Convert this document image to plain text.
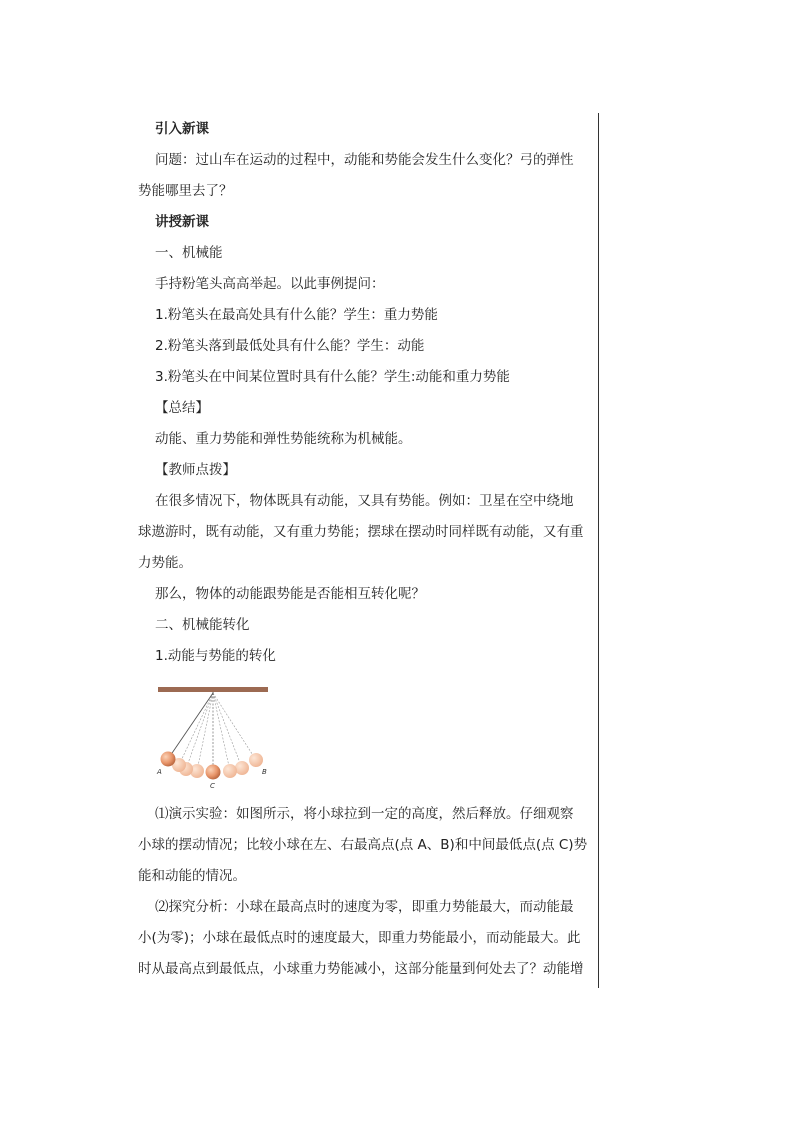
引入新课
问题：过山车在运动的过程中，动能和势能会发生什么变化？弓的弹性
势能哪里去了？
讲授新课
一、机械能
手持粉笔头高高举起。以此事例提问：
1.粉笔头在最高处具有什么能？学生：重力势能
2.粉笔头落到最低处具有什么能？学生：动能
3.粉笔头在中间某位置时具有什么能？学生:动能和重力势能
【总结】
动能、重力势能和弹性势能统称为机械能。
【教师点拨】
在很多情况下，物体既具有动能，又具有势能。例如：卫星在空中绕地
球遨游时，既有动能，又有重力势能；摆球在摆动时同样既有动能，又有重
力势能。
那么，物体的动能跟势能是否能相互转化呢？
二、机械能转化
1.动能与势能的转化
A	B
C
⑴演示实验：如图所示，将小球拉到一定的高度，然后释放。仔细观察
小球的摆动情况；比较小球在左、右最高点(点 A、B)和中间最低点(点 C)势
能和动能的情况。
⑵探究分析：小球在最高点时的速度为零，即重力势能最大，而动能最
小(为零)；小球在最低点时的速度最大，即重力势能最小，而动能最大。此
时从最高点到最低点，小球重力势能减小，这部分能量到何处去了？动能增
